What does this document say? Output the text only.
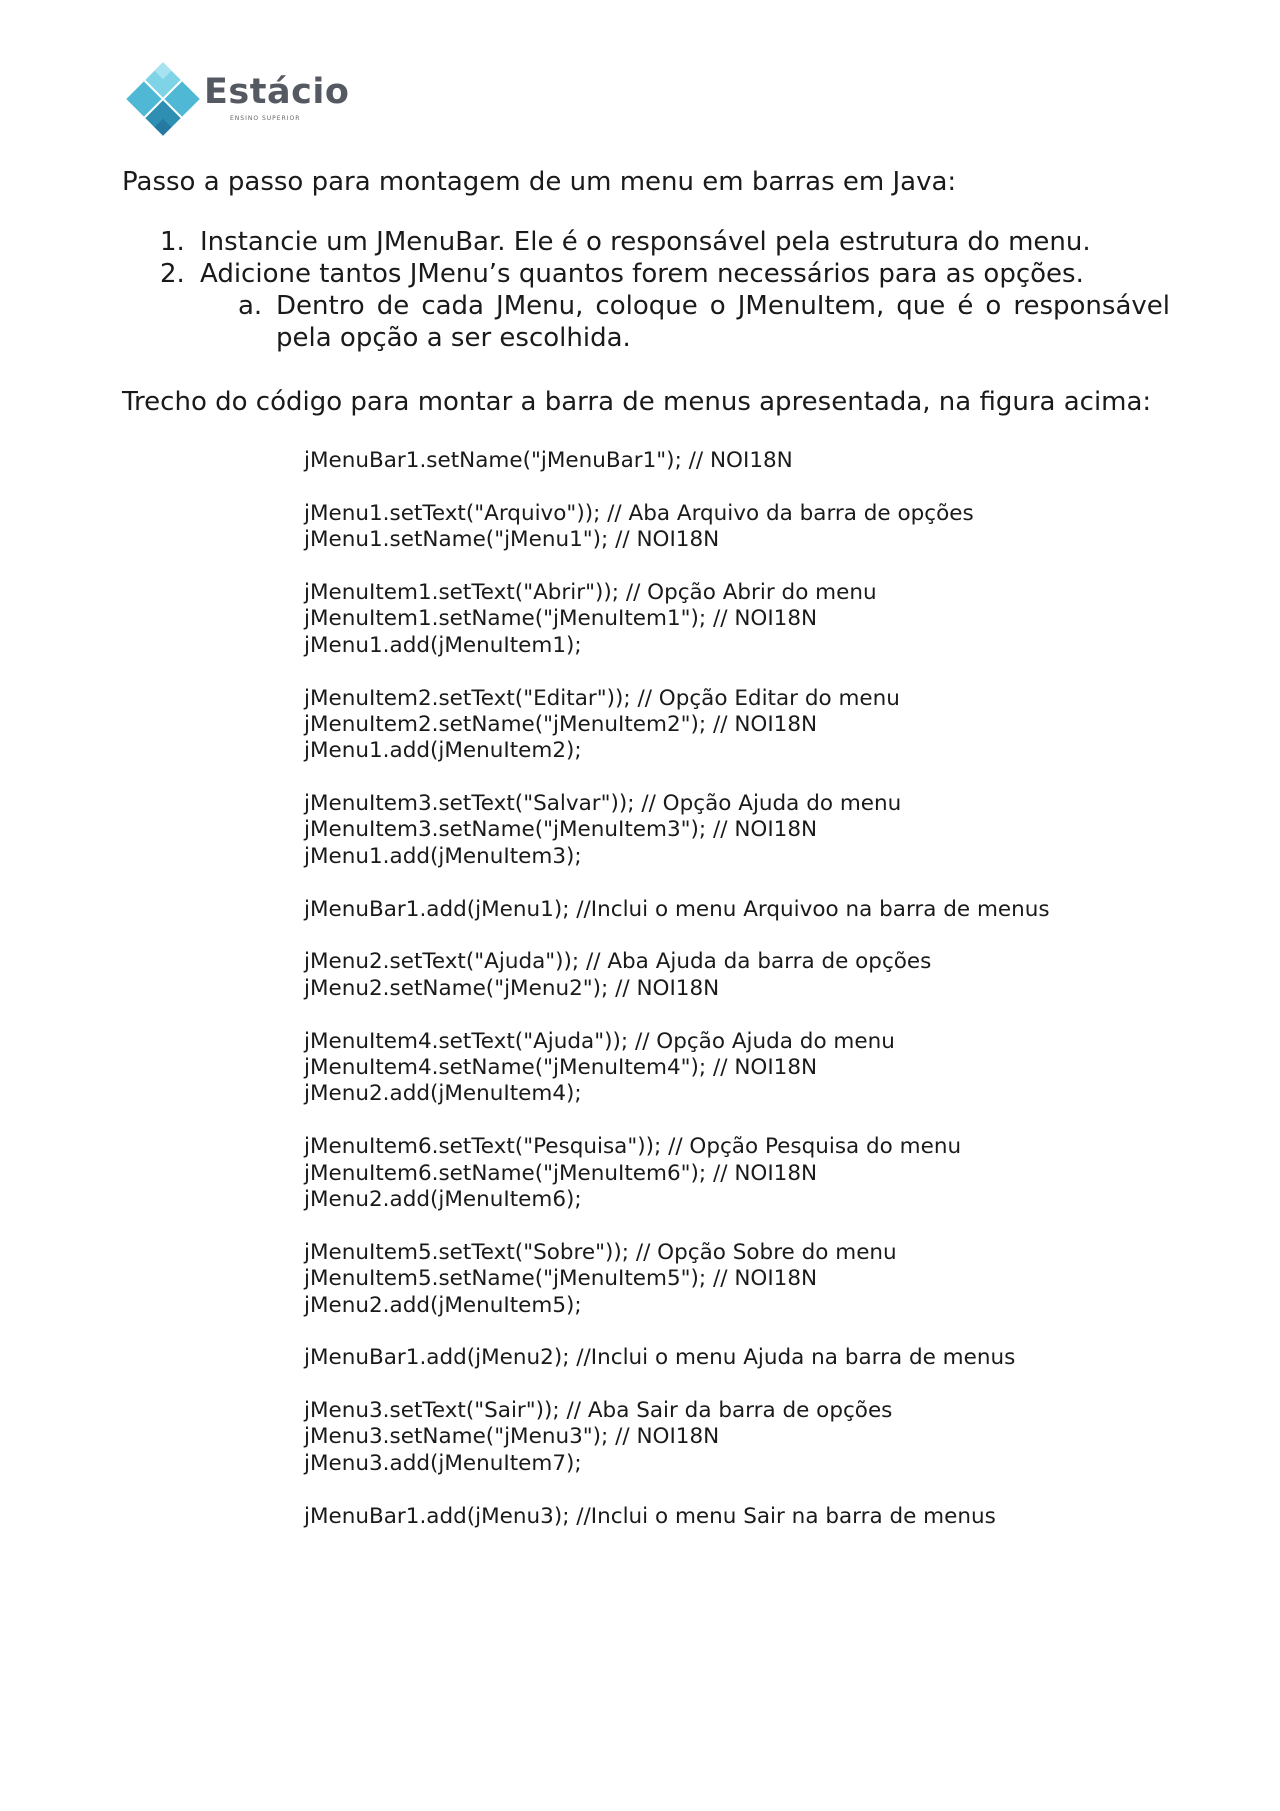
Estácio
ENSINO SUPERIOR
Passo a passo para montagem de um menu em barras em Java:
1. Instancie um JMenuBar. Ele é o responsável pela estrutura do menu.
2. Adicione tantos JMenu’s quantos forem necessários para as opções.
a. Dentro de cada JMenu, coloque o JMenuItem, que é o responsável pela opção a ser escolhida.
Trecho do código para montar a barra de menus apresentada, na figura acima:
jMenuBar1.setName("jMenuBar1"); // NOI18N
jMenu1.setText("Arquivo")); // Aba Arquivo da barra de opções
jMenu1.setName("jMenu1"); // NOI18N
jMenuItem1.setText("Abrir")); // Opção Abrir do menu
jMenuItem1.setName("jMenuItem1"); // NOI18N
jMenu1.add(jMenuItem1);
jMenuItem2.setText("Editar")); // Opção Editar do menu
jMenuItem2.setName("jMenuItem2"); // NOI18N
jMenu1.add(jMenuItem2);
jMenuItem3.setText("Salvar")); // Opção Ajuda do menu
jMenuItem3.setName("jMenuItem3"); // NOI18N
jMenu1.add(jMenuItem3);
jMenuBar1.add(jMenu1); //Inclui o menu Arquivoo na barra de menus
jMenu2.setText("Ajuda")); // Aba Ajuda da barra de opções
jMenu2.setName("jMenu2"); // NOI18N
jMenuItem4.setText("Ajuda")); // Opção Ajuda do menu
jMenuItem4.setName("jMenuItem4"); // NOI18N
jMenu2.add(jMenuItem4);
jMenuItem6.setText("Pesquisa")); // Opção Pesquisa do menu
jMenuItem6.setName("jMenuItem6"); // NOI18N
jMenu2.add(jMenuItem6);
jMenuItem5.setText("Sobre")); // Opção Sobre do menu
jMenuItem5.setName("jMenuItem5"); // NOI18N
jMenu2.add(jMenuItem5);
jMenuBar1.add(jMenu2); //Inclui o menu Ajuda na barra de menus
jMenu3.setText("Sair")); // Aba Sair da barra de opções
jMenu3.setName("jMenu3"); // NOI18N
jMenu3.add(jMenuItem7);
jMenuBar1.add(jMenu3); //Inclui o menu Sair na barra de menus
